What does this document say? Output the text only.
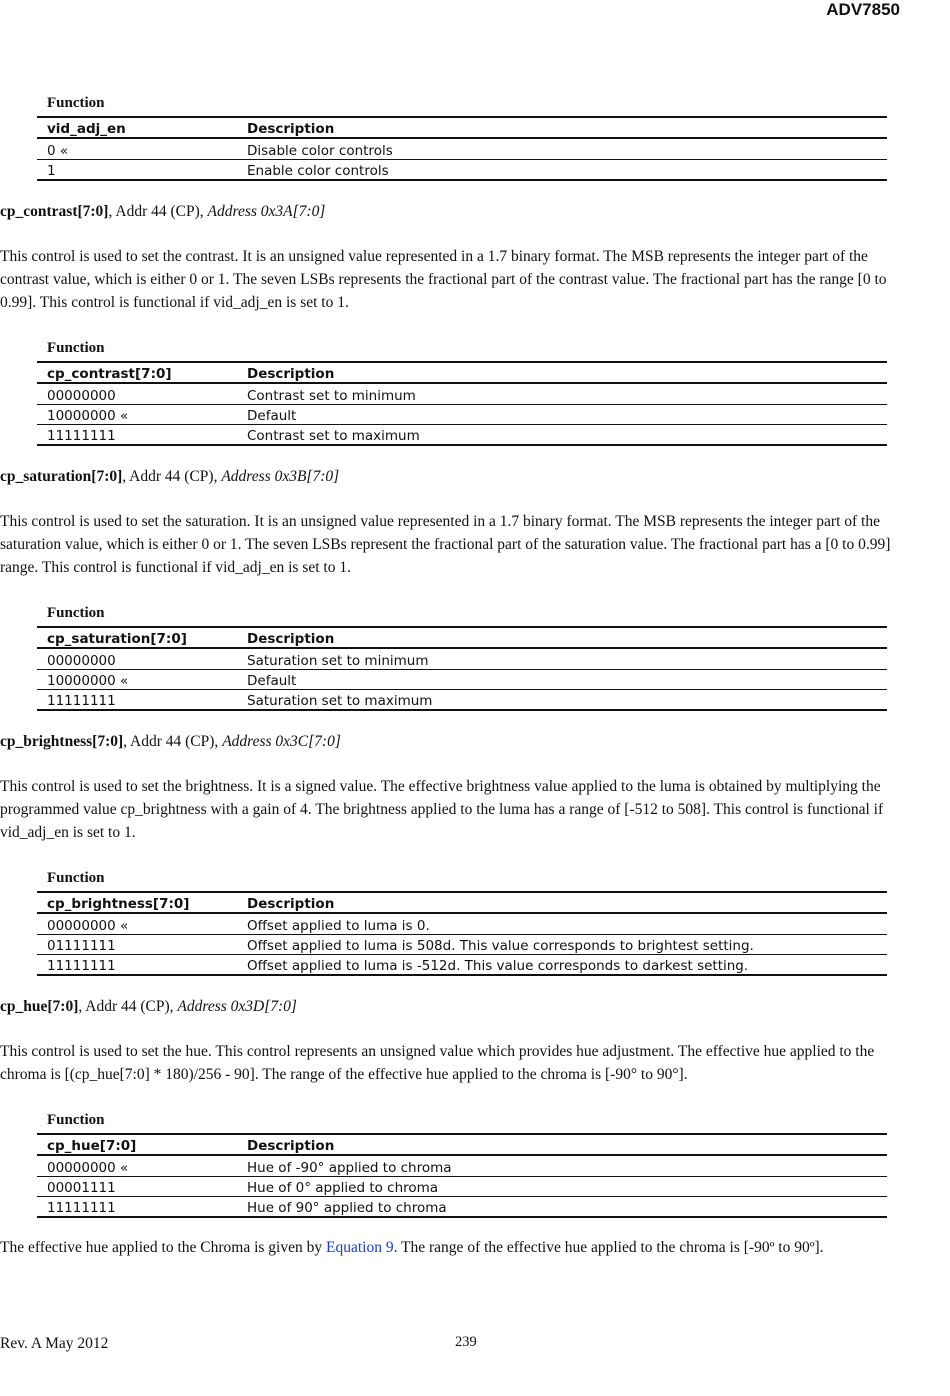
ADV7850
Function
vid_adj_en	Description
0 «	Disable color controls
1	Enable color controls
cp_contrast[7:0], Addr 44 (CP), Address 0x3A[7:0]
This control is used to set the contrast. It is an unsigned value represented in a 1.7 binary format. The MSB represents the integer part of the contrast value, which is either 0 or 1. The seven LSBs represents the fractional part of the contrast value. The fractional part has the range [0 to 0.99]. This control is functional if vid_adj_en is set to 1.
Function
cp_contrast[7:0]	Description
00000000	Contrast set to minimum
10000000 «	Default
11111111	Contrast set to maximum
cp_saturation[7:0], Addr 44 (CP), Address 0x3B[7:0]
This control is used to set the saturation. It is an unsigned value represented in a 1.7 binary format. The MSB represents the integer part of the saturation value, which is either 0 or 1. The seven LSBs represent the fractional part of the saturation value. The fractional part has a [0 to 0.99] range. This control is functional if vid_adj_en is set to 1.
Function
cp_saturation[7:0]	Description
00000000	Saturation set to minimum
10000000 «	Default
11111111	Saturation set to maximum
cp_brightness[7:0], Addr 44 (CP), Address 0x3C[7:0]
This control is used to set the brightness. It is a signed value. The effective brightness value applied to the luma is obtained by multiplying the programmed value cp_brightness with a gain of 4. The brightness applied to the luma has a range of [-512 to 508]. This control is functional if vid_adj_en is set to 1.
Function
cp_brightness[7:0]	Description
00000000 «	Offset applied to luma is 0.
01111111	Offset applied to luma is 508d. This value corresponds to brightest setting.
11111111	Offset applied to luma is -512d. This value corresponds to darkest setting.
cp_hue[7:0], Addr 44 (CP), Address 0x3D[7:0]
This control is used to set the hue. This control represents an unsigned value which provides hue adjustment. The effective hue applied to the chroma is [(cp_hue[7:0] * 180)/256 - 90]. The range of the effective hue applied to the chroma is [-90° to 90°].
Function
cp_hue[7:0]	Description
00000000 «	Hue of -90° applied to chroma
00001111	Hue of 0° applied to chroma
11111111	Hue of 90° applied to chroma
The effective hue applied to the Chroma is given by Equation 9. The range of the effective hue applied to the chroma is [-90º to 90º].
Rev. A May 2012	239
